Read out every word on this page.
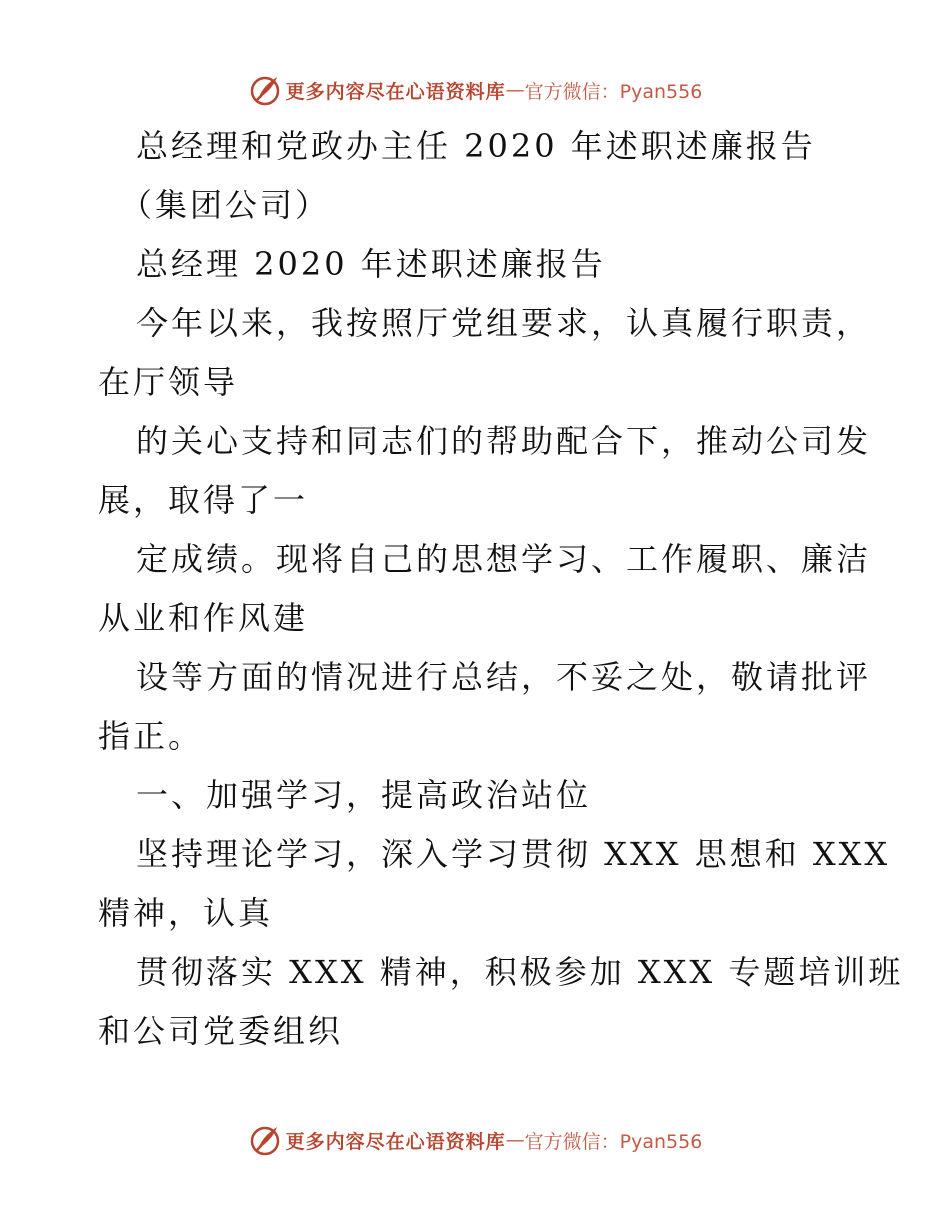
更多内容尽在心语资料库 — 官方微信：Pyan556
总经理和党政办主任 2020 年述职述廉报告
（集团公司）
总经理 2020 年述职述廉报告
今年以来，我按照厅党组要求，认真履行职责，
在厅领导
的关心支持和同志们的帮助配合下，推动公司发
展，取得了一
定成绩。现将自己的思想学习、工作履职、廉洁
从业和作风建
设等方面的情况进行总结，不妥之处，敬请批评
指正。
一、加强学习，提高政治站位
坚持理论学习，深入学习贯彻 XXX 思想和 XXX
精神，认真
贯彻落实 XXX 精神，积极参加 XXX 专题培训班
和公司党委组织
更多内容尽在心语资料库 — 官方微信：Pyan556
